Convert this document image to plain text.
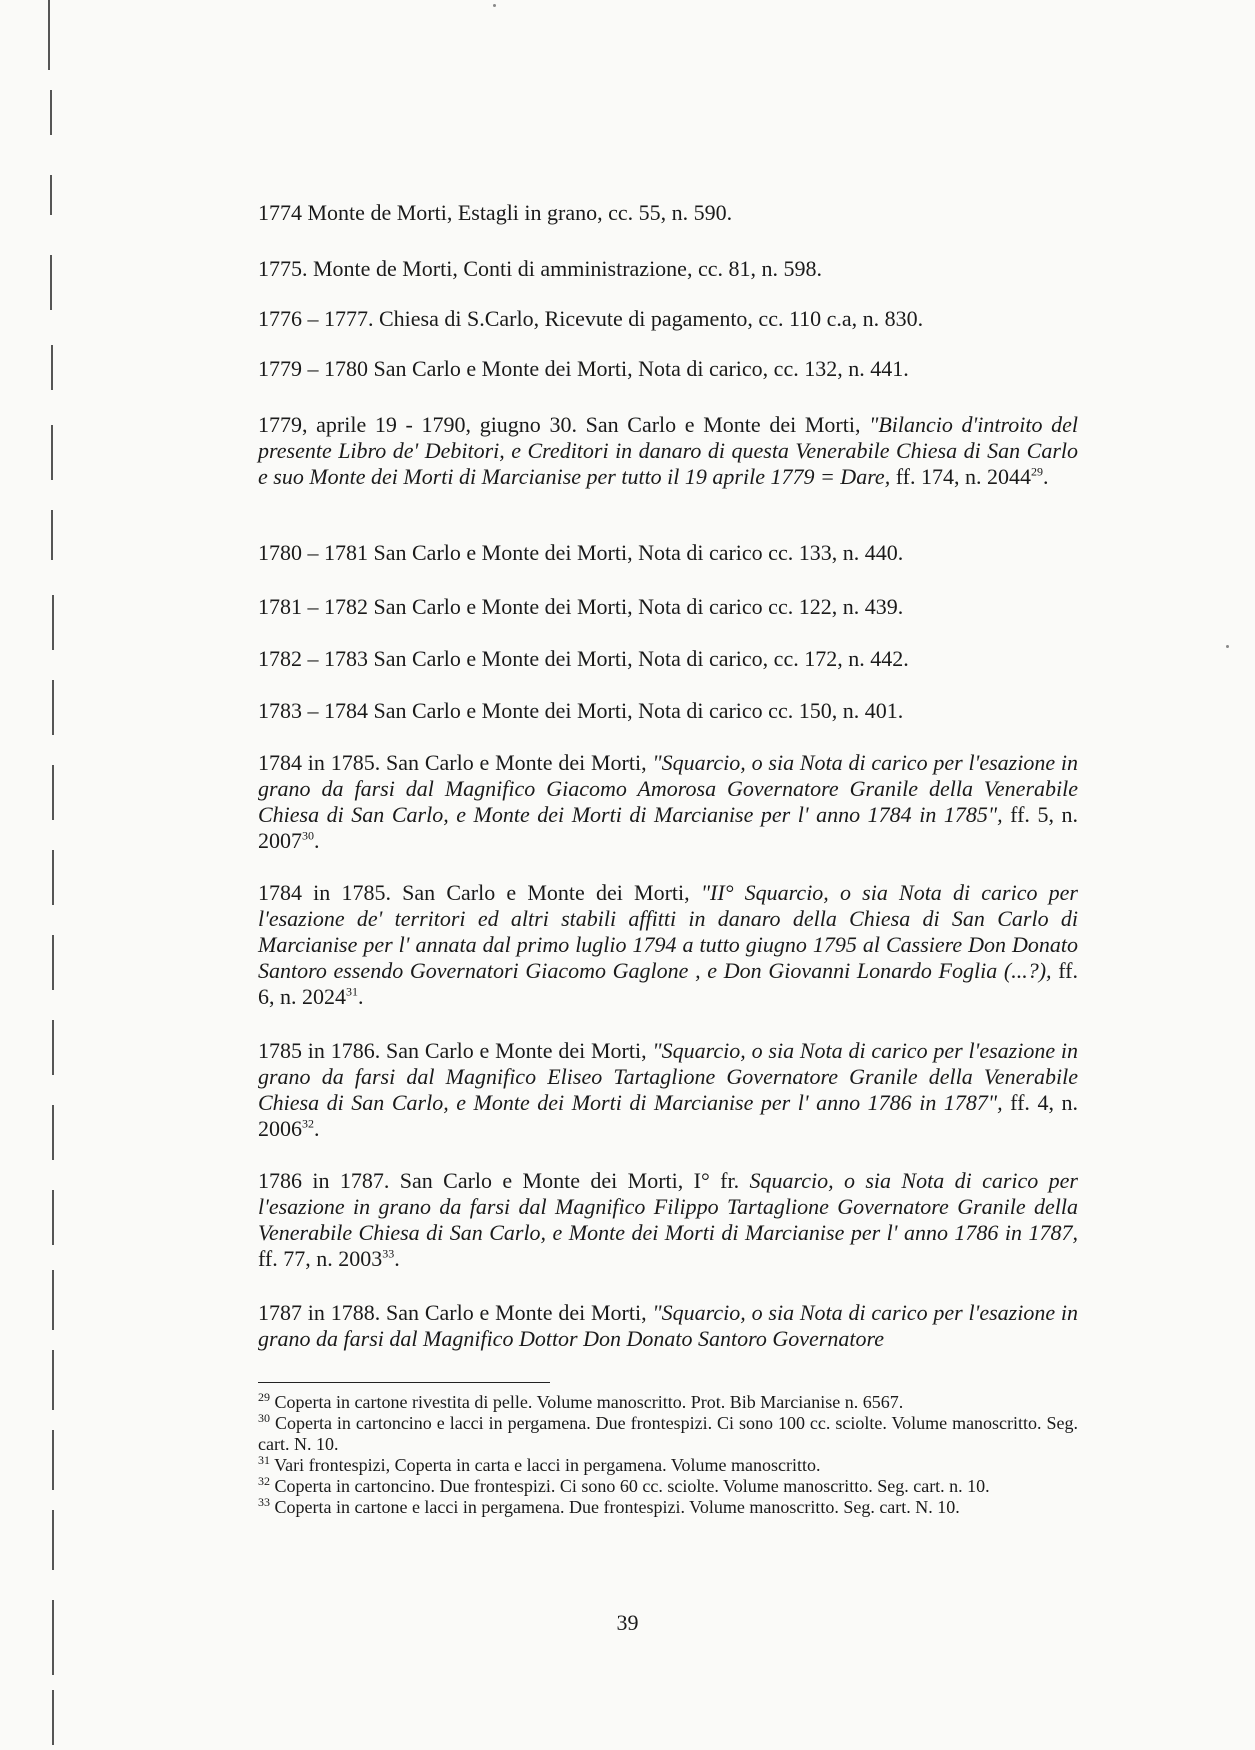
1774 Monte de Morti, Estagli in grano, cc. 55, n. 590.
1775. Monte de Morti, Conti di amministrazione, cc. 81, n. 598.
1776 – 1777. Chiesa di S.Carlo, Ricevute di pagamento, cc. 110 c.a, n. 830.
1779 – 1780 San Carlo e Monte dei Morti, Nota di carico, cc. 132, n. 441.
1779, aprile 19 - 1790, giugno 30. San Carlo e Monte dei Morti, "Bilancio d'introito del presente Libro de' Debitori, e Creditori in danaro di questa Venerabile Chiesa di San Carlo e suo Monte dei Morti di Marcianise per tutto il 19 aprile 1779 = Dare, ff. 174, n. 2044$^{29}$.
1780 – 1781 San Carlo e Monte dei Morti, Nota di carico cc. 133, n. 440.
1781 – 1782 San Carlo e Monte dei Morti, Nota di carico cc. 122, n. 439.
1782 – 1783 San Carlo e Monte dei Morti, Nota di carico, cc. 172, n. 442.
1783 – 1784 San Carlo e Monte dei Morti, Nota di carico cc. 150, n. 401.
1784 in 1785. San Carlo e Monte dei Morti, "Squarcio, o sia Nota di carico per l'esazione in grano da farsi dal Magnifico Giacomo Amorosa Governatore Granile della Venerabile Chiesa di San Carlo, e Monte dei Morti di Marcianise per l' anno 1784 in 1785", ff. 5, n. 2007$^{30}$.
1784 in 1785. San Carlo e Monte dei Morti, "II° Squarcio, o sia Nota di carico per l'esazione de' territori ed altri stabili affitti in danaro della Chiesa di San Carlo di Marcianise per l' annata dal primo luglio 1794 a tutto giugno 1795 al Cassiere Don Donato Santoro essendo Governatori Giacomo Gaglone , e Don Giovanni Lonardo Foglia (...?), ff. 6, n. 2024$^{31}$.
1785 in 1786. San Carlo e Monte dei Morti, "Squarcio, o sia Nota di carico per l'esazione in grano da farsi dal Magnifico Eliseo Tartaglione Governatore Granile della Venerabile Chiesa di San Carlo, e Monte dei Morti di Marcianise per l' anno 1786 in 1787", ff. 4, n. 2006$^{32}$.
1786 in 1787. San Carlo e Monte dei Morti, I° fr. Squarcio, o sia Nota di carico per l'esazione in grano da farsi dal Magnifico Filippo Tartaglione Governatore Granile della Venerabile Chiesa di San Carlo, e Monte dei Morti di Marcianise per l' anno 1786 in 1787, ff. 77, n. 2003$^{33}$.
1787 in 1788. San Carlo e Monte dei Morti, "Squarcio, o sia Nota di carico per l'esazione in grano da farsi dal Magnifico Dottor Don Donato Santoro Governatore

$^{29}$ Coperta in cartone rivestita di pelle. Volume manoscritto. Prot. Bib Marcianise n. 6567.

$^{30}$ Coperta in cartoncino e lacci in pergamena. Due frontespizi. Ci sono 100 cc. sciolte. Volume manoscritto. Seg. cart. N. 10.

$^{31}$ Vari frontespizi, Coperta in carta e lacci in pergamena. Volume manoscritto.

$^{32}$ Coperta in cartoncino. Due frontespizi. Ci sono 60 cc. sciolte. Volume manoscritto. Seg. cart. n. 10.

$^{33}$ Coperta in cartone e lacci in pergamena. Due frontespizi. Volume manoscritto. Seg. cart. N. 10.

39
